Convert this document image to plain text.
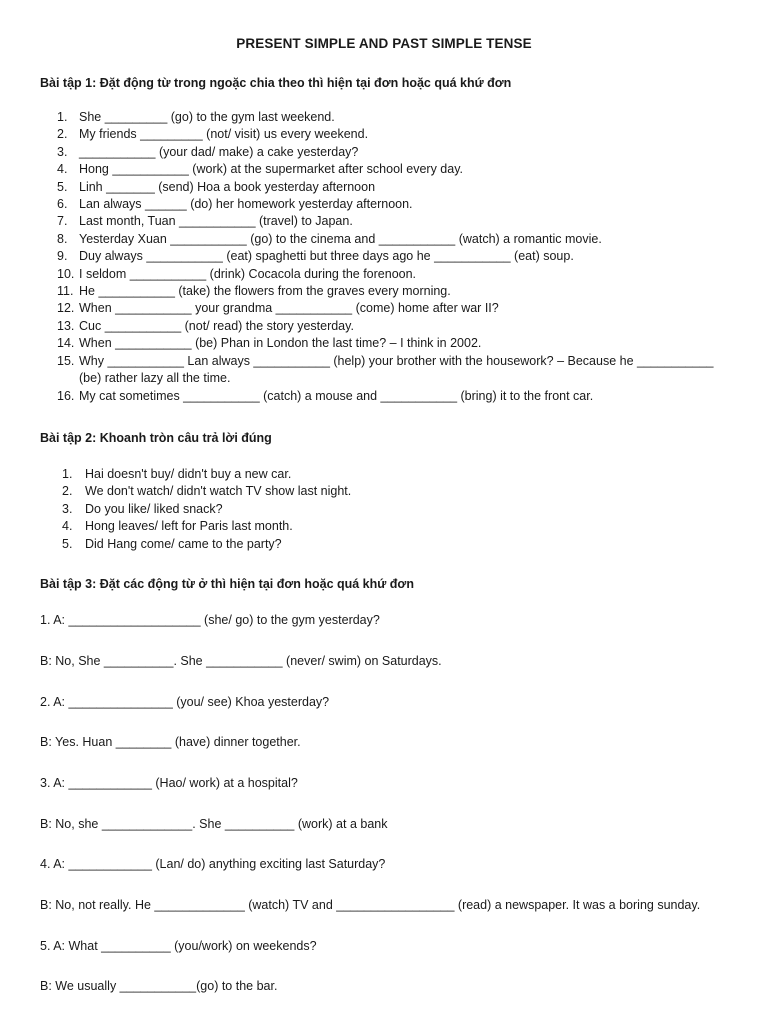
PRESENT SIMPLE AND PAST SIMPLE TENSE
Bài tập 1: Đặt động từ trong ngoặc chia theo thì hiện tại đơn hoặc quá khứ đơn
1. She _________ (go) to the gym last weekend.
2. My friends _________ (not/ visit) us every weekend.
3. ___________ (your dad/ make) a cake yesterday?
4. Hong ___________ (work) at the supermarket after school every day.
5. Linh _______ (send) Hoa a book yesterday afternoon
6. Lan always ______ (do) her homework yesterday afternoon.
7. Last month, Tuan ___________ (travel) to Japan.
8. Yesterday Xuan ___________ (go) to the cinema and ___________ (watch) a romantic movie.
9. Duy always ___________ (eat) spaghetti but three days ago he ___________ (eat) soup.
10. I seldom ___________ (drink) Cocacola during the forenoon.
11. He ___________ (take) the flowers from the graves every morning.
12. When ___________ your grandma ___________ (come) home after war II?
13. Cuc ___________ (not/ read) the story yesterday.
14. When ___________ (be) Phan in London the last time? – I think in 2002.
15. Why ___________ Lan always ___________ (help) your brother with the housework? – Because he ___________ (be) rather lazy all the time.
16. My cat sometimes ___________ (catch) a mouse and ___________ (bring) it to the front car.
Bài tập 2: Khoanh tròn câu trả lời đúng
1. Hai doesn't buy/ didn't buy a new car.
2. We don't watch/ didn't watch TV show last night.
3. Do you like/ liked snack?
4. Hong leaves/ left for Paris last month.
5. Did Hang come/ came to the party?
Bài tập 3: Đặt các động từ ở thì hiện tại đơn hoặc quá khứ đơn
1. A: ___________________ (she/ go) to the gym yesterday?
B: No, She __________. She ___________ (never/ swim) on Saturdays.
2. A: _______________ (you/ see) Khoa yesterday?
B: Yes. Huan ________ (have) dinner together.
3. A: ____________ (Hao/ work) at a hospital?
B: No, she _____________. She __________ (work) at a bank
4. A: ____________ (Lan/ do) anything exciting last Saturday?
B: No, not really. He _____________ (watch) TV and _________________ (read) a newspaper. It was a boring sunday.
5. A: What __________ (you/work) on weekends?
B: We usually ___________(go) to the bar.
